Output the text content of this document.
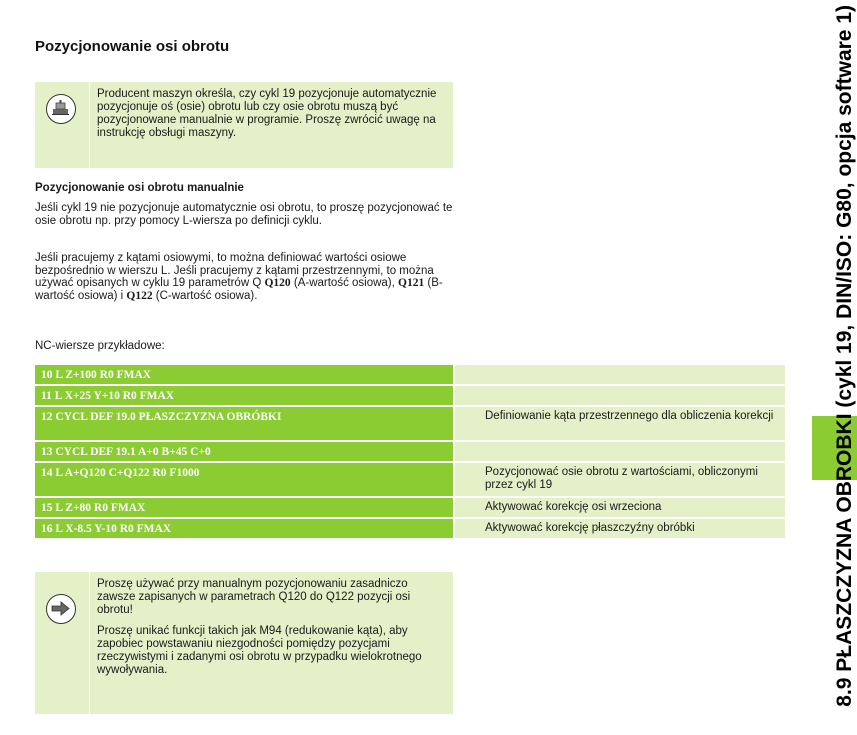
Pozycjonowanie osi obrotu
Producent maszyn określa, czy cykl 19 pozycjonuje automatycznie pozycjonuje oś (osie) obrotu lub czy osie obrotu muszą być pozycjonowane manualnie w programie. Proszę zwrócić uwagę na instrukcję obsługi maszyny.
Pozycjonowanie osi obrotu manualnie

Jeśli cykl 19 nie pozycjonuje automatycznie osi obrotu, to proszę pozycjonować te osie obrotu np. przy pomocy L-wiersza po definicji cyklu.

Jeśli pracujemy z kątami osiowymi, to można definiować wartości osiowe bezpośrednio w wierszu L. Jeśli pracujemy z kątami przestrzennymi, to można używać opisanych w cyklu 19 parametrów Q Q120 (A-wartość osiowa), Q121 (B-wartość osiowa) i Q122 (C-wartość osiowa).

NC-wiersze przykładowe:

10 L Z+100 R0 FMAX
11 L X+25 Y+10 R0 FMAX
12 CYCL DEF 19.0 PŁASZCZYZNA OBRÓBKI	Definiowanie kąta przestrzennego dla obliczenia korekcji
13 CYCL DEF 19.1 A+0 B+45 C+0
14 L A+Q120 C+Q122 R0 F1000	Pozycjonować osie obrotu z wartościami, obliczonymi przez cykl 19
15 L Z+80 R0 FMAX	Aktywować korekcję osi wrzeciona
16 L X-8.5 Y-10 R0 FMAX	Aktywować korekcję płaszczyźny obróbki

Proszę używać przy manualnym pozycjonowaniu zasadniczo zawsze zapisanych w parametrach Q120 do Q122 pozycji osi obrotu!

Proszę unikać funkcji takich jak M94 (redukowanie kąta), aby zapobiec powstawaniu niezgodności pomiędzy pozycjami rzeczywistymi i zadanymi osi obrotu w przypadku wielokrotnego wywoływania.	8.9 PŁASZCZYZNA OBROBKI (cykl 19, DIN/ISO: G80, opcja software 1)
